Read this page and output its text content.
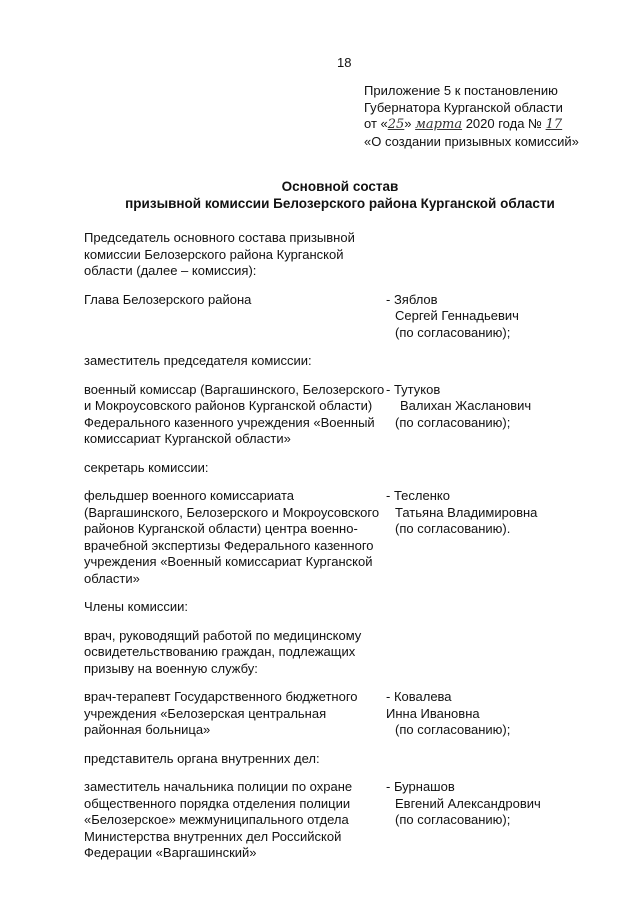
18
Приложение 5 к постановлению
Губернатора Курганской области
от «25» марта 2020 года № 17
«О создании призывных комиссий»
Основной состав
призывной комиссии Белозерского района Курганской области
Председатель основного состава призывной комиссии Белозерского района Курганской области (далее – комиссия):
Глава Белозерского района	- Зяблов
Сергей Геннадьевич
(по согласованию);
заместитель председателя комиссии:
военный комиссар (Варгашинского, Белозерского и Мокроусовского районов Курганской области) Федерального казенного учреждения «Военный комиссариат Курганской области»
- Тутуков
Валихан Жасланович
(по согласованию);
секретарь комиссии:
фельдшер военного комиссариата (Варгашинского, Белозерского и Мокроусовского районов Курганской области) центра военно-врачебной экспертизы Федерального казенного учреждения «Военный комиссариат Курганской области»
- Тесленко
Татьяна Владимировна
(по согласованию).
Члены комиссии:
врач, руководящий работой по медицинскому освидетельствованию граждан, подлежащих призыву на военную службу:
врач-терапевт Государственного бюджетного учреждения «Белозерская центральная районная больница»
- Ковалева
Инна Ивановна
(по согласованию);
представитель органа внутренних дел:
заместитель начальника полиции по охране общественного порядка отделения полиции «Белозерское» межмуниципального отдела Министерства внутренних дел Российской Федерации «Варгашинский»
- Бурнашов
Евгений Александрович
(по согласованию);
